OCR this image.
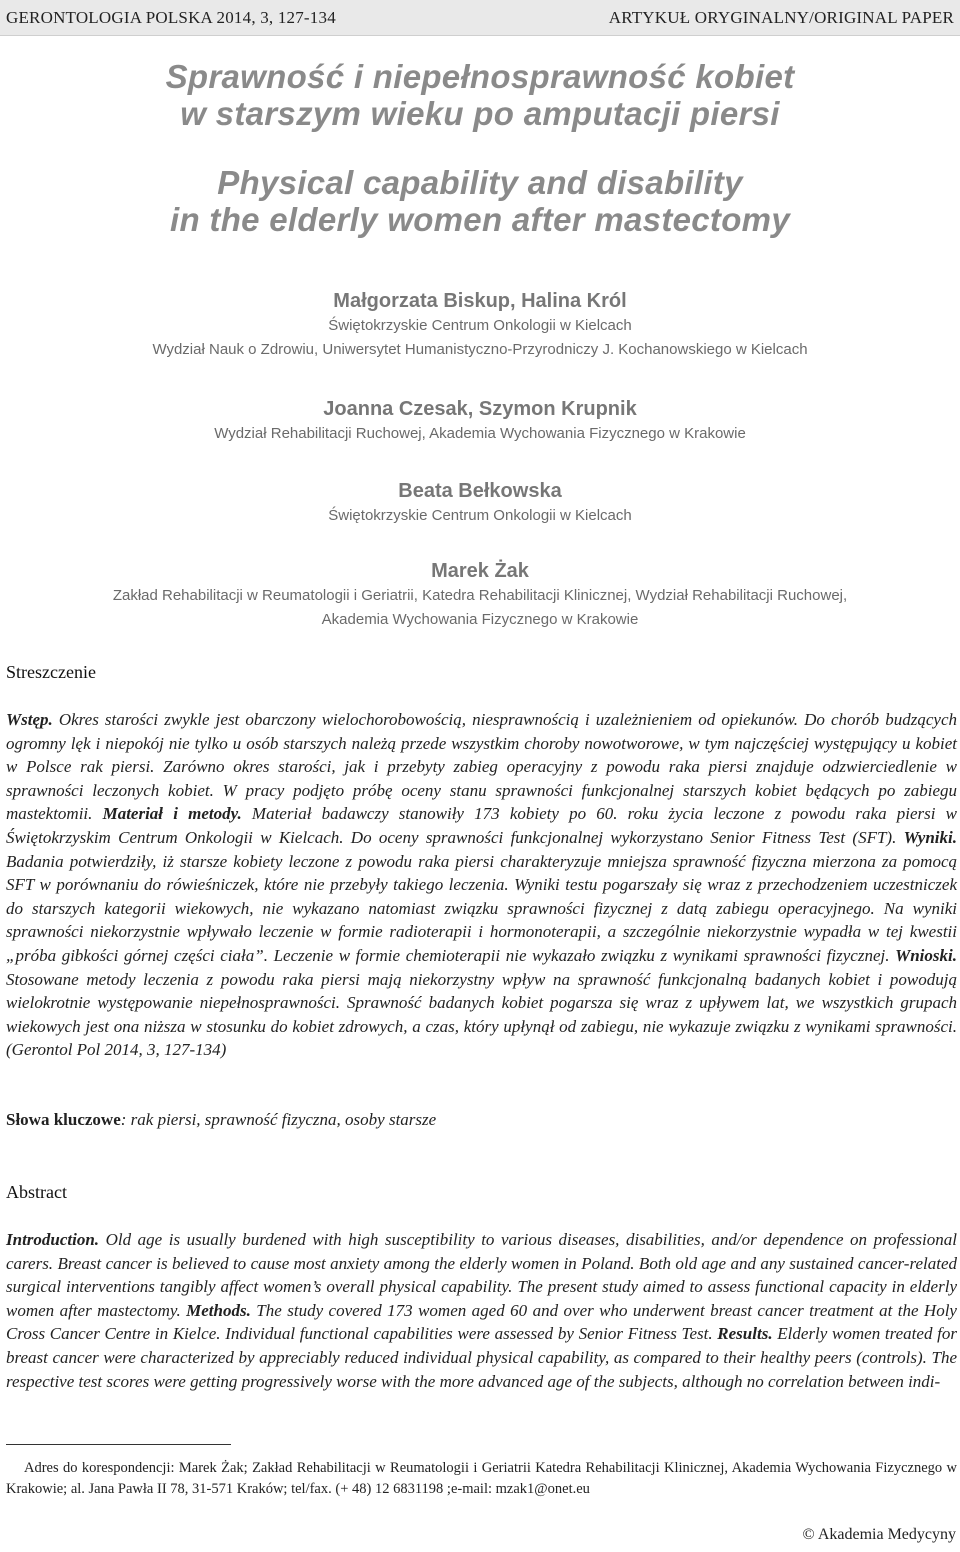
GERONTOLOGIA POLSKA 2014, 3, 127-134	ARTYKUŁ ORYGINALNY/ORIGINAL PAPER

Sprawność i niepełnosprawność kobiet

w starszym wieku po amputacji piersi

Physical capability and disability

in the elderly women after mastectomy

Małgorzata Biskup, Halina Król

Świętokrzyskie Centrum Onkologii w Kielcach

Wydział Nauk o Zdrowiu, Uniwersytet Humanistyczno-Przyrodniczy J. Kochanowskiego w Kielcach

Joanna Czesak, Szymon Krupnik

Wydział Rehabilitacji Ruchowej, Akademia Wychowania Fizycznego w Krakowie

Beata Bełkowska

Świętokrzyskie Centrum Onkologii w Kielcach

Marek Żak

Zakład Rehabilitacji w Reumatologii i Geriatrii, Katedra Rehabilitacji Klinicznej, Wydział Rehabilitacji Ruchowej,

Akademia Wychowania Fizycznego w Krakowie

Streszczenie

Wstęp. Okres starości zwykle jest obarczony wielochorobowością, niesprawnością i uzależnieniem od opiekunów. Do chorób budzących ogromny lęk i niepokój nie tylko u osób starszych należą przede wszystkim choroby nowotworowe, w tym najczęściej występujący u kobiet w Polsce rak piersi. Zarówno okres starości, jak i przebyty zabieg operacyjny z powodu raka piersi znajduje odzwierciedlenie w sprawności leczonych kobiet. W pracy podjęto próbę oceny stanu sprawności funkcjonalnej starszych kobiet będących po zabiegu mastektomii. Materiał i metody. Materiał badawczy stanowiły 173 kobiety po 60. roku życia leczone z powodu raka piersi w Świętokrzyskim Centrum Onkologii w Kielcach. Do oceny sprawności funkcjonalnej wykorzystano Senior Fitness Test (SFT). Wyniki. Badania potwierdziły, iż starsze kobiety leczone z powodu raka piersi charakteryzuje mniejsza sprawność fizyczna mierzona za pomocą SFT w porównaniu do rówieśniczek, które nie przebyły takiego leczenia. Wyniki testu pogarszały się wraz z przechodzeniem uczestniczek do starszych kategorii wiekowych, nie wykazano natomiast związku sprawności fizycznej z datą zabiegu operacyjnego. Na wyniki sprawności niekorzystnie wpływało leczenie w formie radioterapii i hormonoterapii, a szczególnie niekorzystnie wypadła w tej kwestii „próba gibkości górnej części ciała”. Leczenie w formie chemioterapii nie wykazało związku z wynikami sprawności fizycznej. Wnioski. Stosowane metody leczenia z powodu raka piersi mają niekorzystny wpływ na sprawność funkcjonalną badanych kobiet i powodują wielokrotnie występowanie niepełnosprawności. Sprawność badanych kobiet pogarsza się wraz z upływem lat, we wszystkich grupach wiekowych jest ona niższa w stosunku do kobiet zdrowych, a czas, który upłynął od zabiegu, nie wykazuje związku z wynikami sprawności. (Gerontol Pol 2014, 3, 127-134)

Słowa kluczowe: rak piersi, sprawność fizyczna, osoby starsze

Abstract

Introduction. Old age is usually burdened with high susceptibility to various diseases, disabilities, and/or dependence on professional carers. Breast cancer is believed to cause most anxiety among the elderly women in Poland. Both old age and any sustained cancer-related surgical interventions tangibly affect women’s overall physical capability. The present study aimed to assess functional capacity in elderly women after mastectomy. Methods. The study covered 173 women aged 60 and over who underwent breast cancer treatment at the Holy Cross Cancer Centre in Kielce. Individual functional capabilities were assessed by Senior Fitness Test. Results. Elderly women treated for breast cancer were characterized by appreciably reduced individual physical capability, as compared to their healthy peers (controls). The respective test scores were getting progressively worse with the more advanced age of the subjects, although no correlation between indi-

Adres do korespondencji: Marek Żak; Zakład Rehabilitacji w Reumatologii i Geriatrii Katedra Rehabilitacji Klinicznej, Akademia Wychowania Fizycznego w Krakowie; al. Jana Pawła II 78, 31-571 Kraków; tel/fax. (+ 48) 12 6831198 ;e-mail: mzak1@onet.eu

© Akademia Medycyny
